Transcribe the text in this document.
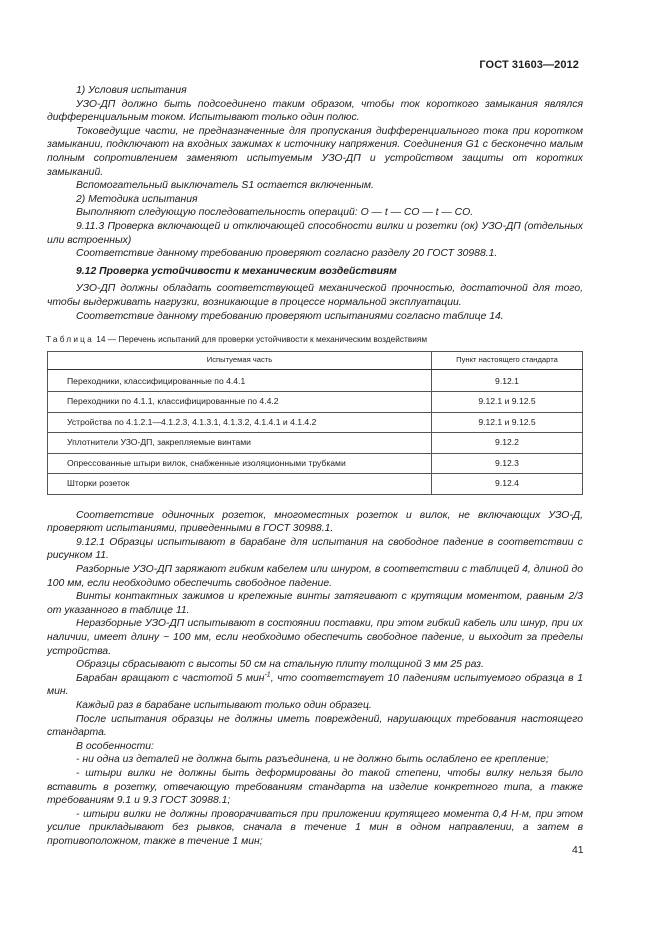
ГОСТ 31603—2012

1) Условия испытания

УЗО-ДП должно быть подсоединено таким образом, чтобы ток короткого замыкания являлся дифференциальным током. Испытывают только один полюс.

Токоведущие части, не предназначенные для пропускания дифференциального тока при коротком замыкании, подключают на входных зажимах к источнику напряжения. Соединения G1 с бесконечно малым полным сопротивлением заменяют испытуемым УЗО-ДП и устройством защиты от коротких замыканий.

Вспомогательный выключатель S1 остается включенным.

2) Методика испытания

Выполняют следующую последовательность операций: О — t — CO — t — CO.

9.11.3 Проверка включающей и отключающей способности вилки и розетки (ок) УЗО-ДП (отдельных или встроенных)

Соответствие данному требованию проверяют согласно разделу 20 ГОСТ 30988.1.

9.12 Проверка устойчивости к механическим воздействиям

УЗО-ДП должны обладать соответствующей механической прочностью, достаточной для того, чтобы выдерживать нагрузки, возникающие в процессе нормальной эксплуатации.

Соответствие данному требованию проверяют испытаниями согласно таблице 14.

Таблица 14 — Перечень испытаний для проверки устойчивости к механическим воздействиям
Испытуемая часть	Пункт настоящего стандарта
Переходники, классифицированные по 4.4.1	9.12.1
Переходники по 4.1.1, классифицированные по 4.4.2	9.12.1 и 9.12.5
Устройства по 4.1.2.1—4.1.2.3, 4.1.3.1, 4.1.3.2, 4.1.4.1 и 4.1.4.2	9.12.1 и 9.12.5
Уплотнители УЗО-ДП, закрепляемые винтами	9.12.2
Опрессованные штыри вилок, снабженные изоляционными трубками	9.12.3
Шторки розеток	9.12.4

Соответствие одиночных розеток, многоместных розеток и вилок, не включающих УЗО-Д, проверяют испытаниями, приведенными в ГОСТ 30988.1.

9.12.1 Образцы испытывают в барабане для испытания на свободное падение в соответствии с рисунком 11.

Разборные УЗО-ДП заряжают гибким кабелем или шнуром, в соответствии с таблицей 4, длиной до 100 мм, если необходимо обеспечить свободное падение.

Винты контактных зажимов и крепежные винты затягивают с крутящим моментом, равным 2/3 от указанного в таблице 11.

Неразборные УЗО-ДП испытывают в состоянии поставки, при этом гибкий кабель или шнур, при их наличии, имеет длину ~ 100 мм, если необходимо обеспечить свободное падение, и выходит за пределы устройства.

Образцы сбрасывают с высоты 50 см на стальную плиту толщиной 3 мм 25 раз.

Барабан вращают с частотой 5 мин$^{-1}$, что соответствует 10 падениям испытуемого образца в 1 мин.

Каждый раз в барабане испытывают только один образец.

После испытания образцы не должны иметь повреждений, нарушающих требования настоящего стандарта.

В особенности:

- ни одна из деталей не должна быть разъединена, и не должно быть ослаблено ее крепление;

- штыри вилки не должны быть деформированы до такой степени, чтобы вилку нельзя было вставить в розетку, отвечающую требованиям стандарта на изделие конкретного типа, а также требованиям 9.1 и 9.3 ГОСТ 30988.1;

- штыри вилки не должны проворачиваться при приложении крутящего момента 0,4 Н·м, при этом усилие прикладывают без рывков, сначала в течение 1 мин в одном направлении, а затем в противоположном, также в течение 1 мин;

41
